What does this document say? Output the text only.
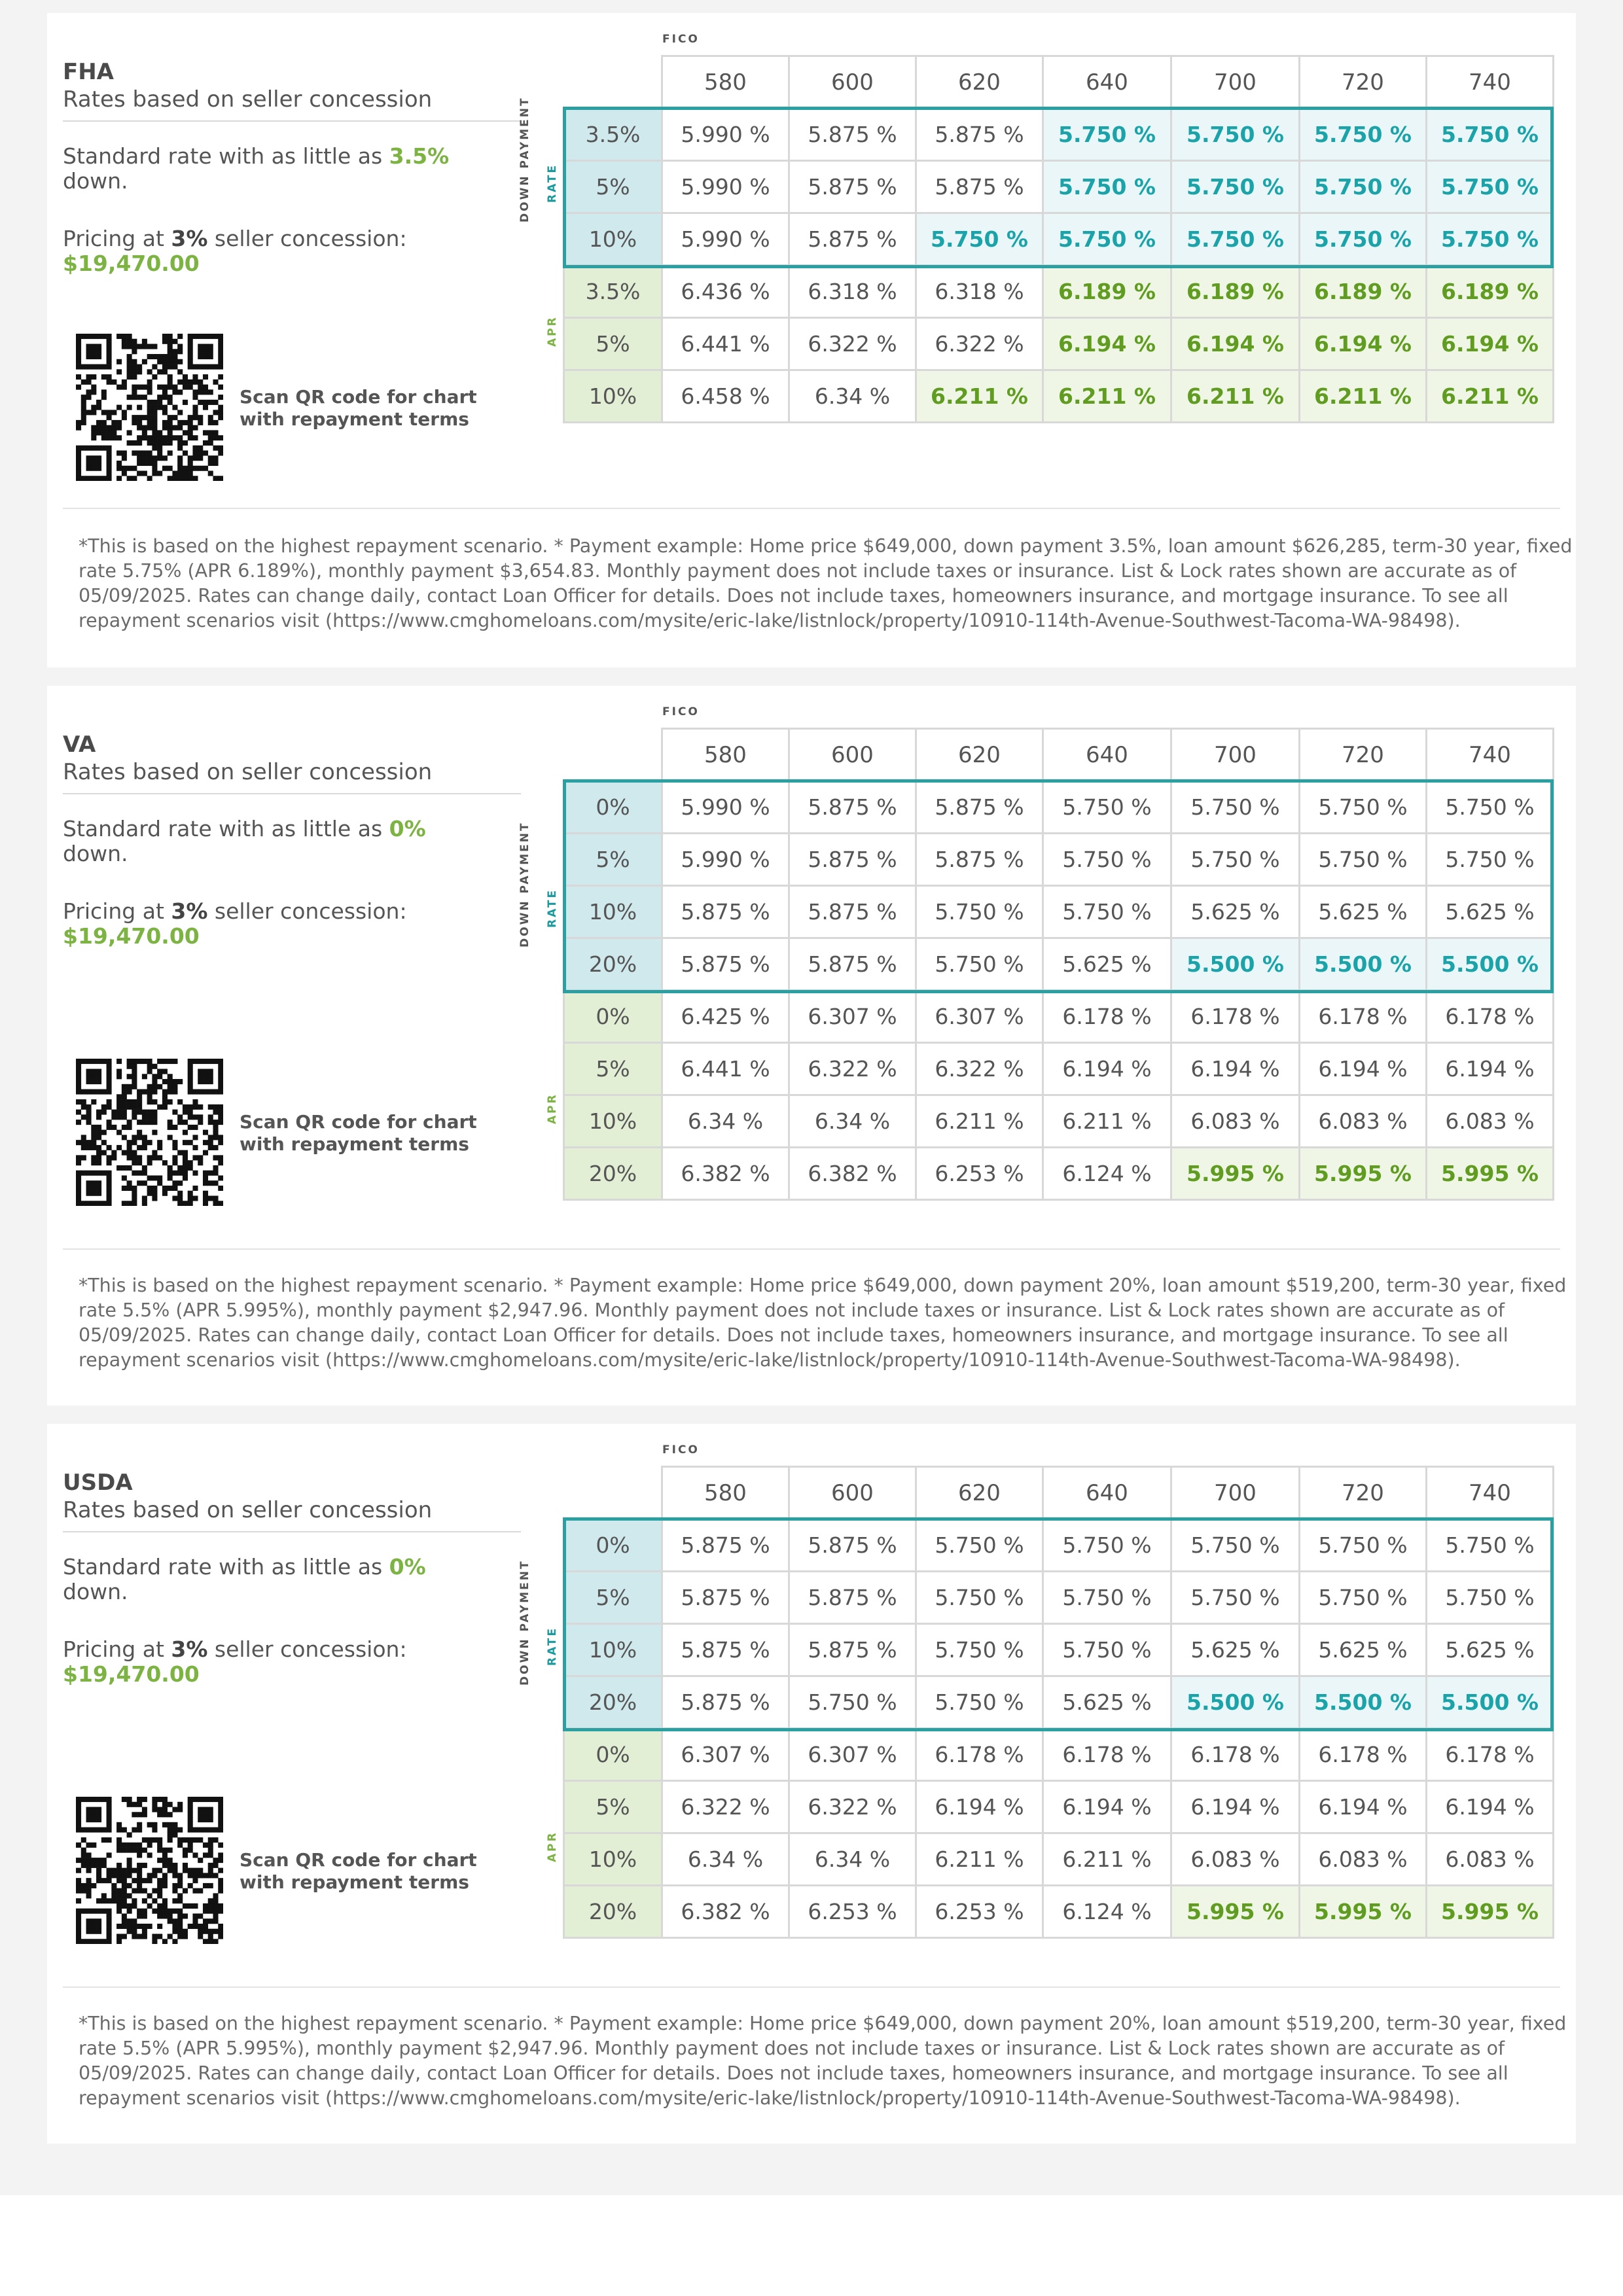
FHA
Rates based on seller concession
Standard rate with as little as 3.5%
down.
Pricing at 3% seller concession:
$19,470.00
Scan QR code for chart with repayment terms
FICO
DOWN PAYMENT RATE
APR
	580	600	620	640	700	720	740
3.5%	5.990 %	5.875 %	5.875 %	5.750 %	5.750 %	5.750 %	5.750 %
5%	5.990 %	5.875 %	5.875 %	5.750 %	5.750 %	5.750 %	5.750 %
10%	5.990 %	5.875 %	5.750 %	5.750 %	5.750 %	5.750 %	5.750 %
3.5%	6.436 %	6.318 %	6.318 %	6.189 %	6.189 %	6.189 %	6.189 %
5%	6.441 %	6.322 %	6.322 %	6.194 %	6.194 %	6.194 %	6.194 %
10%	6.458 %	6.34 %	6.211 %	6.211 %	6.211 %	6.211 %	6.211 %
*This is based on the highest repayment scenario. * Payment example: Home price $649,000, down payment 3.5%, loan amount $626,285, term-30 year, fixed rate 5.75% (APR 6.189%), monthly payment $3,654.83. Monthly payment does not include taxes or insurance. List & Lock rates shown are accurate as of 05/09/2025. Rates can change daily, contact Loan Officer for details. Does not include taxes, homeowners insurance, and mortgage insurance. To see all repayment scenarios visit (https://www.cmghomeloans.com/mysite/eric-lake/listnlock/property/10910-114th-Avenue-Southwest-Tacoma-WA-98498).
VA
Rates based on seller concession
Standard rate with as little as 0%
down.
Pricing at 3% seller concession:
$19,470.00
Scan QR code for chart with repayment terms
FICO
DOWN PAYMENT RATE
APR
	580	600	620	640	700	720	740
0%	5.990 %	5.875 %	5.875 %	5.750 %	5.750 %	5.750 %	5.750 %
5%	5.990 %	5.875 %	5.875 %	5.750 %	5.750 %	5.750 %	5.750 %
10%	5.875 %	5.875 %	5.750 %	5.750 %	5.625 %	5.625 %	5.625 %
20%	5.875 %	5.875 %	5.750 %	5.625 %	5.500 %	5.500 %	5.500 %
0%	6.425 %	6.307 %	6.307 %	6.178 %	6.178 %	6.178 %	6.178 %
5%	6.441 %	6.322 %	6.322 %	6.194 %	6.194 %	6.194 %	6.194 %
10%	6.34 %	6.34 %	6.211 %	6.211 %	6.083 %	6.083 %	6.083 %
20%	6.382 %	6.382 %	6.253 %	6.124 %	5.995 %	5.995 %	5.995 %
*This is based on the highest repayment scenario. * Payment example: Home price $649,000, down payment 20%, loan amount $519,200, term-30 year, fixed rate 5.5% (APR 5.995%), monthly payment $2,947.96. Monthly payment does not include taxes or insurance. List & Lock rates shown are accurate as of 05/09/2025. Rates can change daily, contact Loan Officer for details. Does not include taxes, homeowners insurance, and mortgage insurance. To see all repayment scenarios visit (https://www.cmghomeloans.com/mysite/eric-lake/listnlock/property/10910-114th-Avenue-Southwest-Tacoma-WA-98498).
USDA
Rates based on seller concession
Standard rate with as little as 0%
down.
Pricing at 3% seller concession:
$19,470.00
Scan QR code for chart with repayment terms
FICO
DOWN PAYMENT RATE
APR
	580	600	620	640	700	720	740
0%	5.875 %	5.875 %	5.750 %	5.750 %	5.750 %	5.750 %	5.750 %
5%	5.875 %	5.875 %	5.750 %	5.750 %	5.750 %	5.750 %	5.750 %
10%	5.875 %	5.875 %	5.750 %	5.750 %	5.625 %	5.625 %	5.625 %
20%	5.875 %	5.750 %	5.750 %	5.625 %	5.500 %	5.500 %	5.500 %
0%	6.307 %	6.307 %	6.178 %	6.178 %	6.178 %	6.178 %	6.178 %
5%	6.322 %	6.322 %	6.194 %	6.194 %	6.194 %	6.194 %	6.194 %
10%	6.34 %	6.34 %	6.211 %	6.211 %	6.083 %	6.083 %	6.083 %
20%	6.382 %	6.253 %	6.253 %	6.124 %	5.995 %	5.995 %	5.995 %
*This is based on the highest repayment scenario. * Payment example: Home price $649,000, down payment 20%, loan amount $519,200, term-30 year, fixed rate 5.5% (APR 5.995%), monthly payment $2,947.96. Monthly payment does not include taxes or insurance. List & Lock rates shown are accurate as of 05/09/2025. Rates can change daily, contact Loan Officer for details. Does not include taxes, homeowners insurance, and mortgage insurance. To see all repayment scenarios visit (https://www.cmghomeloans.com/mysite/eric-lake/listnlock/property/10910-114th-Avenue-Southwest-Tacoma-WA-98498).
